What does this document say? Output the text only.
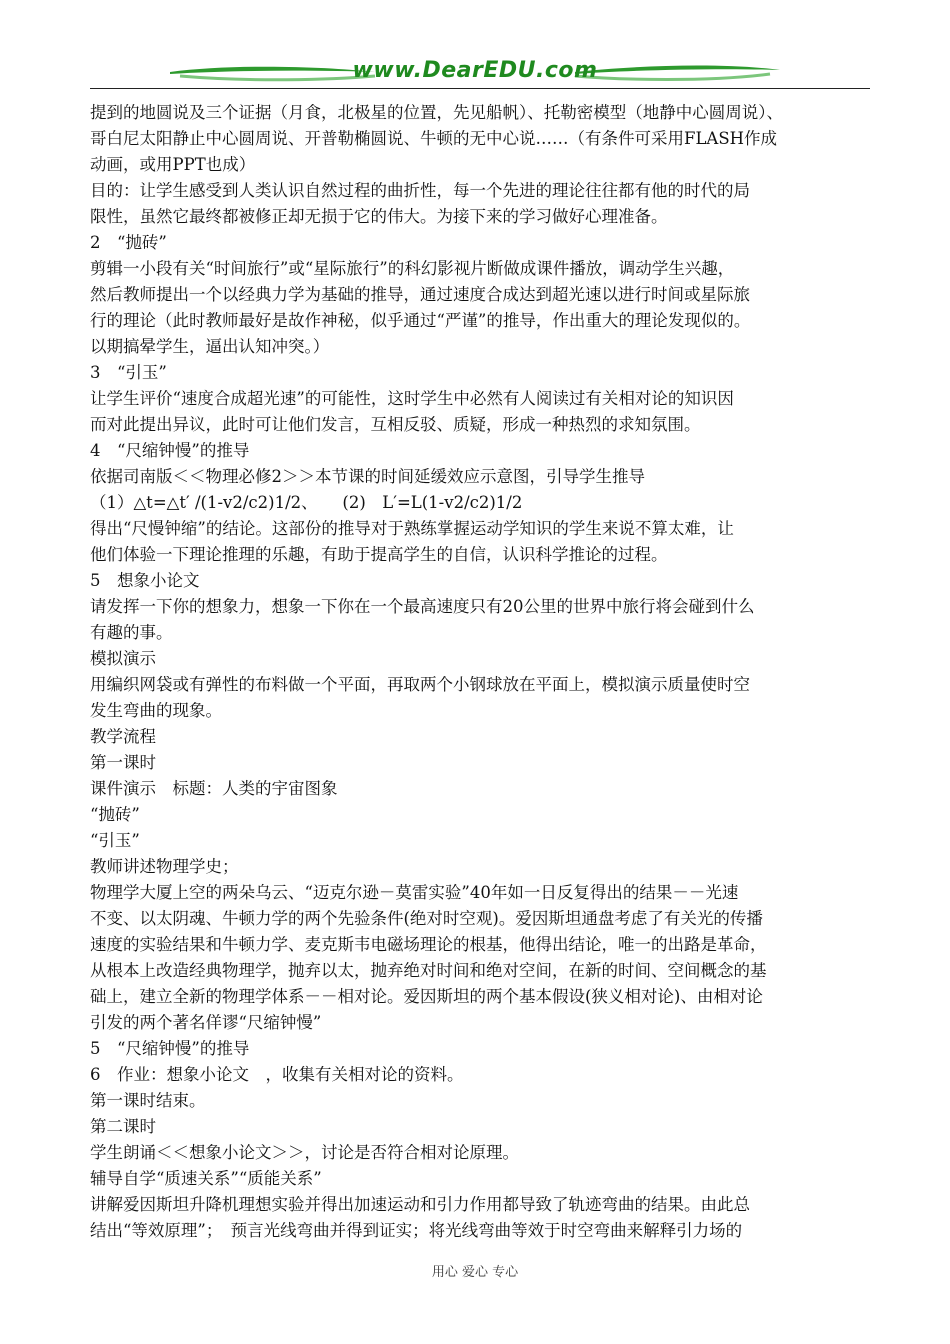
www.DearEDU.com
提到的地圆说及三个证据（月食，北极星的位置，先见船帆）、托勒密模型（地静中心圆周说）、
哥白尼太阳静止中心圆周说、开普勒椭圆说、牛顿的无中心说……（有条件可采用FLASH作成
动画，或用PPT也成）
目的：让学生感受到人类认识自然过程的曲折性，每一个先进的理论往往都有他的时代的局
限性，虽然它最终都被修正却无损于它的伟大。为接下来的学习做好心理准备。
2　“抛砖”
剪辑一小段有关“时间旅行”或“星际旅行”的科幻影视片断做成课件播放，调动学生兴趣，
然后教师提出一个以经典力学为基础的推导，通过速度合成达到超光速以进行时间或星际旅
行的理论（此时教师最好是故作神秘，似乎通过“严谨”的推导，作出重大的理论发现似的。
以期搞晕学生，逼出认知冲突。）
3　“引玉”
让学生评价“速度合成超光速”的可能性，这时学生中必然有人阅读过有关相对论的知识因
而对此提出异议，此时可让他们发言，互相反驳、质疑，形成一种热烈的求知氛围。
4　“尺缩钟慢”的推导
依据司南版＜＜物理必修2＞＞本节课的时间延缓效应示意图，引导学生推导
（1）△t=△t′ /(1-v2/c2)1/2、　　(2)　L′=L(1-v2/c2)1/2
得出“尺慢钟缩”的结论。这部份的推导对于熟练掌握运动学知识的学生来说不算太难，让
他们体验一下理论推理的乐趣，有助于提高学生的自信，认识科学推论的过程。
5　想象小论文
请发挥一下你的想象力，想象一下你在一个最高速度只有20公里的世界中旅行将会碰到什么
有趣的事。
模拟演示
用编织网袋或有弹性的布料做一个平面，再取两个小钢球放在平面上，模拟演示质量使时空
发生弯曲的现象。
教学流程
第一课时
课件演示　标题：人类的宇宙图象
“抛砖”
“引玉”
教师讲述物理学史；
物理学大厦上空的两朵乌云、“迈克尔逊－莫雷实验”40年如一日反复得出的结果－－光速
不变、以太阴魂、牛顿力学的两个先验条件(绝对时空观)。爱因斯坦通盘考虑了有关光的传播
速度的实验结果和牛顿力学、麦克斯韦电磁场理论的根基，他得出结论，唯一的出路是革命，
从根本上改造经典物理学，抛弃以太，抛弃绝对时间和绝对空间，在新的时间、空间概念的基
础上，建立全新的物理学体系－－相对论。爱因斯坦的两个基本假设(狭义相对论)、由相对论
引发的两个著名佯谬“尺缩钟慢”
5　“尺缩钟慢”的推导
6　作业：想象小论文　，收集有关相对论的资料。
第一课时结束。
第二课时
学生朗诵＜＜想象小论文＞＞，讨论是否符合相对论原理。
辅导自学“质速关系”“质能关系”
讲解爱因斯坦升降机理想实验并得出加速运动和引力作用都导致了轨迹弯曲的结果。由此总
结出“等效原理”；　预言光线弯曲并得到证实；将光线弯曲等效于时空弯曲来解释引力场的
用心 爱心 专心
